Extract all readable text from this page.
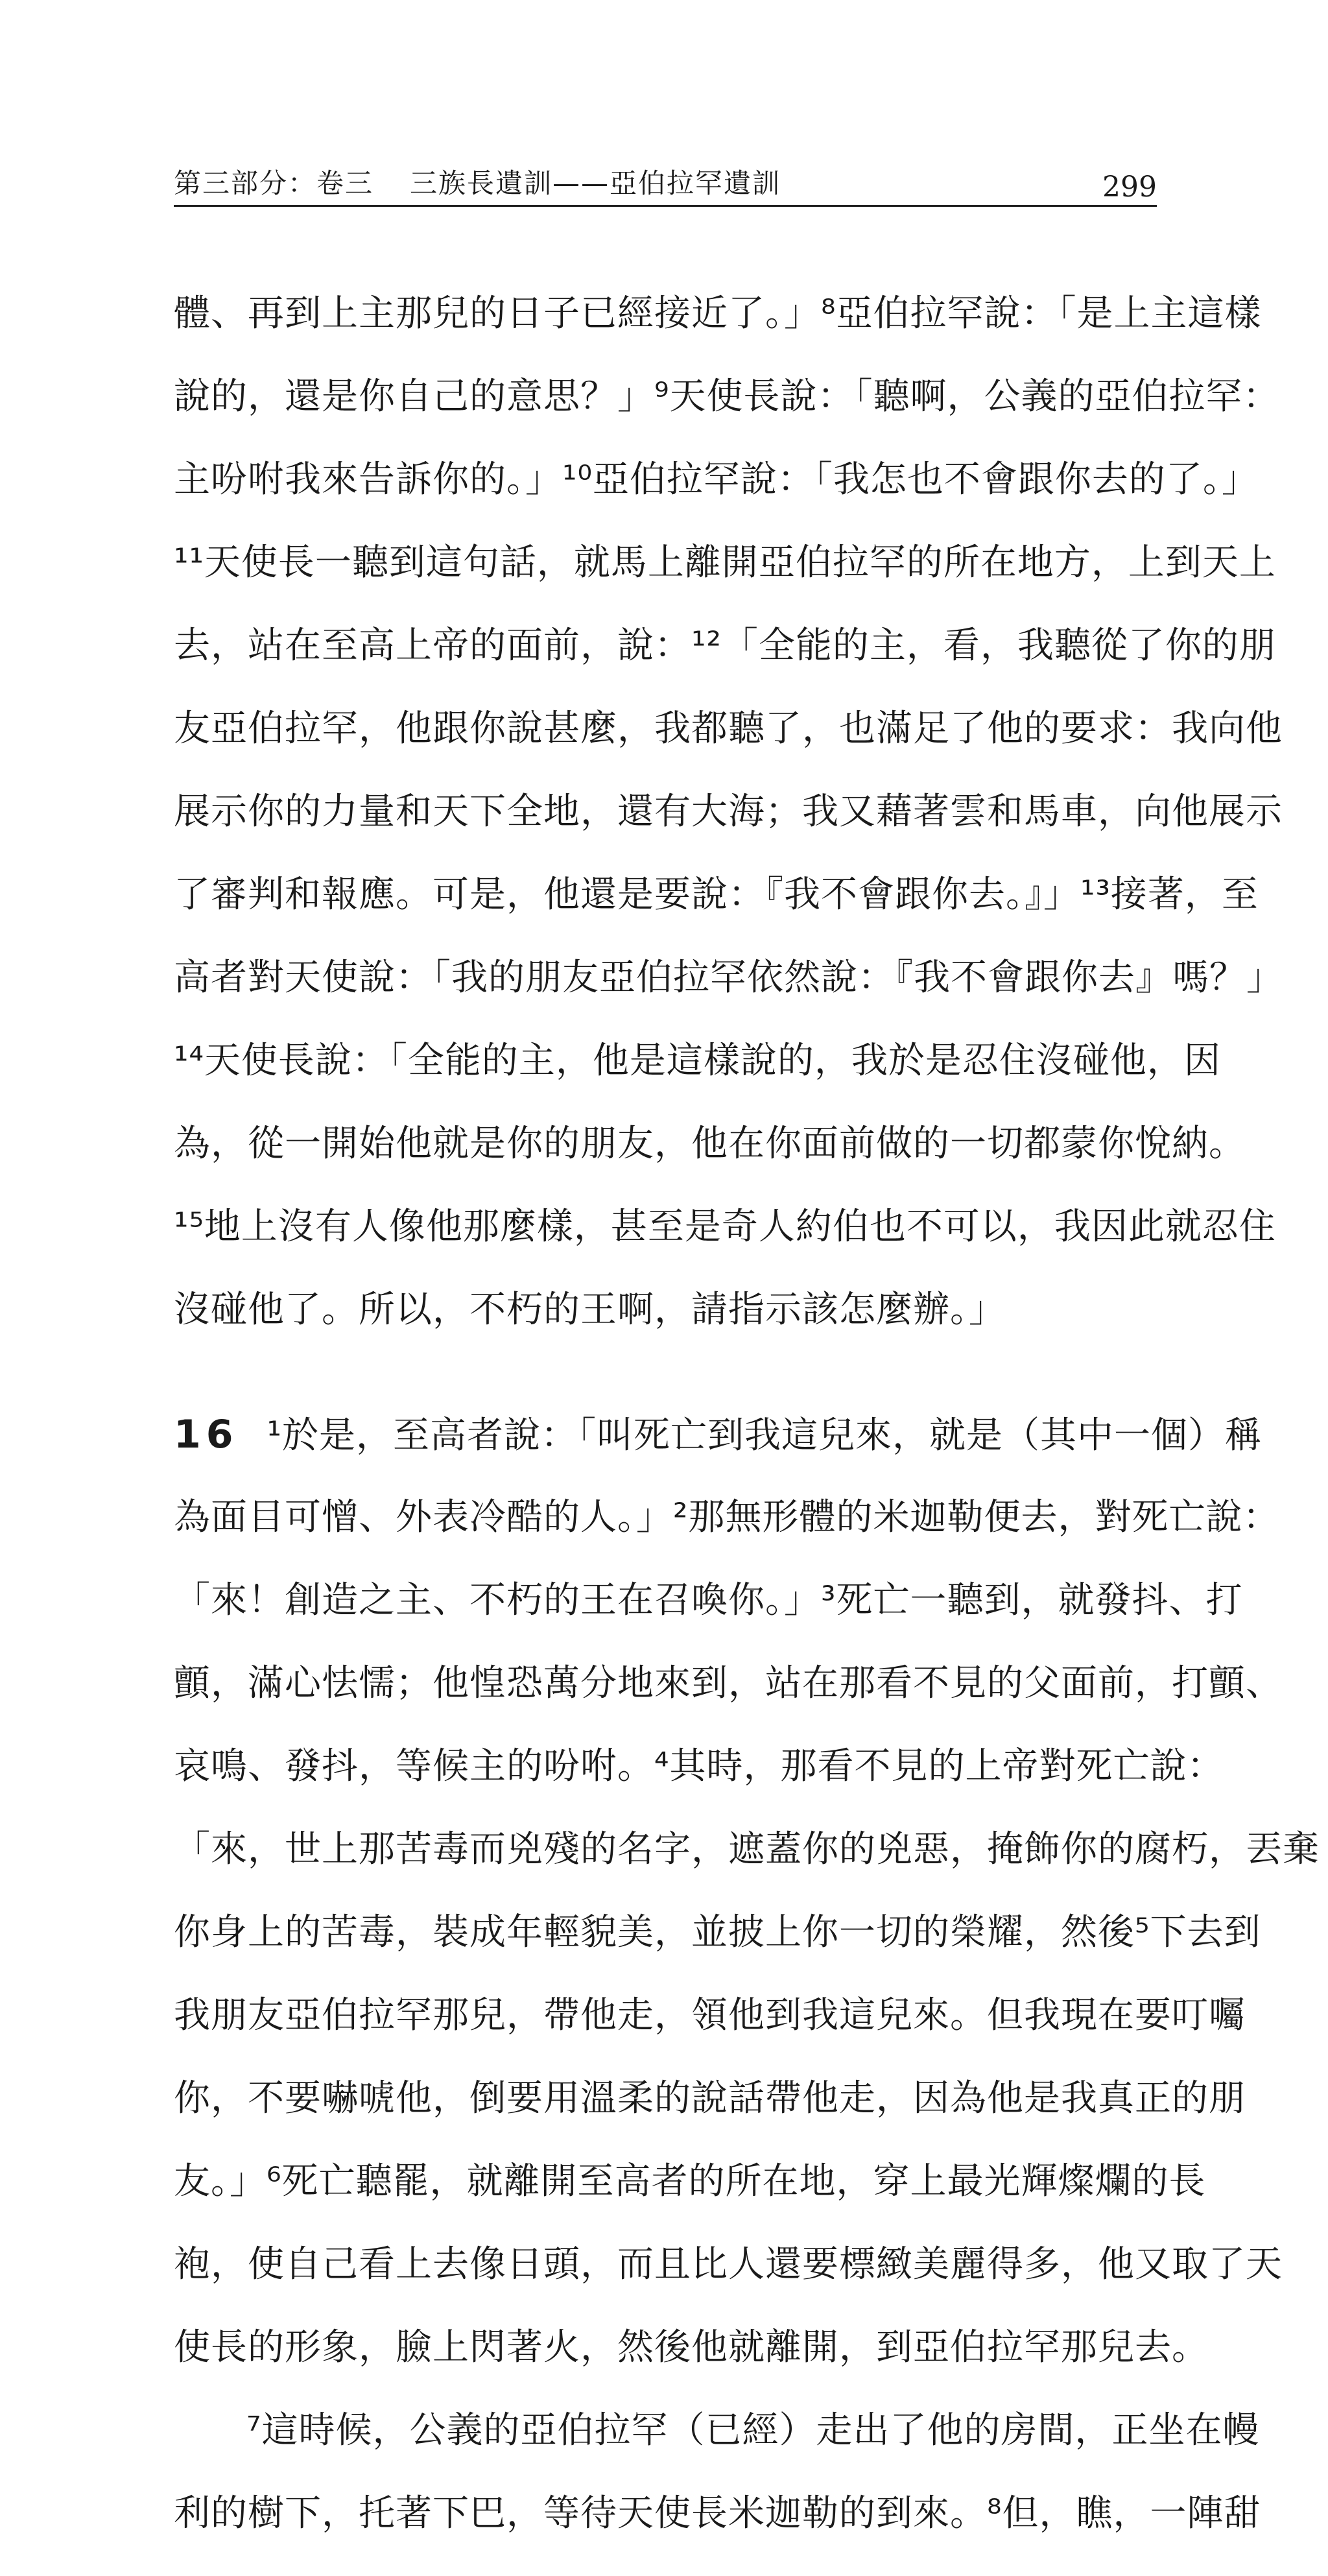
第三部分：卷三 三族長遺訓——亞伯拉罕遺訓	299
體、再到上主那兒的日子已經接近了。」⁸亞伯拉罕說：「是上主這樣
說的，還是你自己的意思？」⁹天使長說：「聽啊，公義的亞伯拉罕：
主吩咐我來告訴你的。」¹⁰亞伯拉罕說：「我怎也不會跟你去的了。」
¹¹天使長一聽到這句話，就馬上離開亞伯拉罕的所在地方，上到天上
去，站在至高上帝的面前，說：¹²「全能的主，看，我聽從了你的朋
友亞伯拉罕，他跟你說甚麼，我都聽了，也滿足了他的要求：我向他
展示你的力量和天下全地，還有大海；我又藉著雲和馬車，向他展示
了審判和報應。可是，他還是要說：『我不會跟你去。』」¹³接著，至
高者對天使說：「我的朋友亞伯拉罕依然說：『我不會跟你去』嗎？」
¹⁴天使長說：「全能的主，他是這樣說的，我於是忍住沒碰他，因
為，從一開始他就是你的朋友，他在你面前做的一切都蒙你悅納。
¹⁵地上沒有人像他那麼樣，甚至是奇人約伯也不可以，我因此就忍住
沒碰他了。所以，不朽的王啊，請指示該怎麼辦。」
16 ¹於是，至高者說：「叫死亡到我這兒來，就是（其中一個）稱
為面目可憎、外表冷酷的人。」²那無形體的米迦勒便去，對死亡說：
「來！創造之主、不朽的王在召喚你。」³死亡一聽到，就發抖、打
顫，滿心怯懦；他惶恐萬分地來到，站在那看不見的父面前，打顫、
哀鳴、發抖，等候主的吩咐。⁴其時，那看不見的上帝對死亡說：
「來，世上那苦毒而兇殘的名字，遮蓋你的兇惡，掩飾你的腐朽，丟棄
你身上的苦毒，裝成年輕貌美，並披上你一切的榮耀，然後⁵下去到
我朋友亞伯拉罕那兒，帶他走，領他到我這兒來。但我現在要叮囑
你，不要嚇唬他，倒要用溫柔的說話帶他走，因為他是我真正的朋
友。」⁶死亡聽罷，就離開至高者的所在地，穿上最光輝燦爛的長
袍，使自己看上去像日頭，而且比人還要標緻美麗得多，他又取了天
使長的形象，臉上閃著火，然後他就離開，到亞伯拉罕那兒去。
⁷這時候，公義的亞伯拉罕（已經）走出了他的房間，正坐在幔
利的樹下，托著下巴，等待天使長米迦勒的到來。⁸但，瞧，一陣甜
